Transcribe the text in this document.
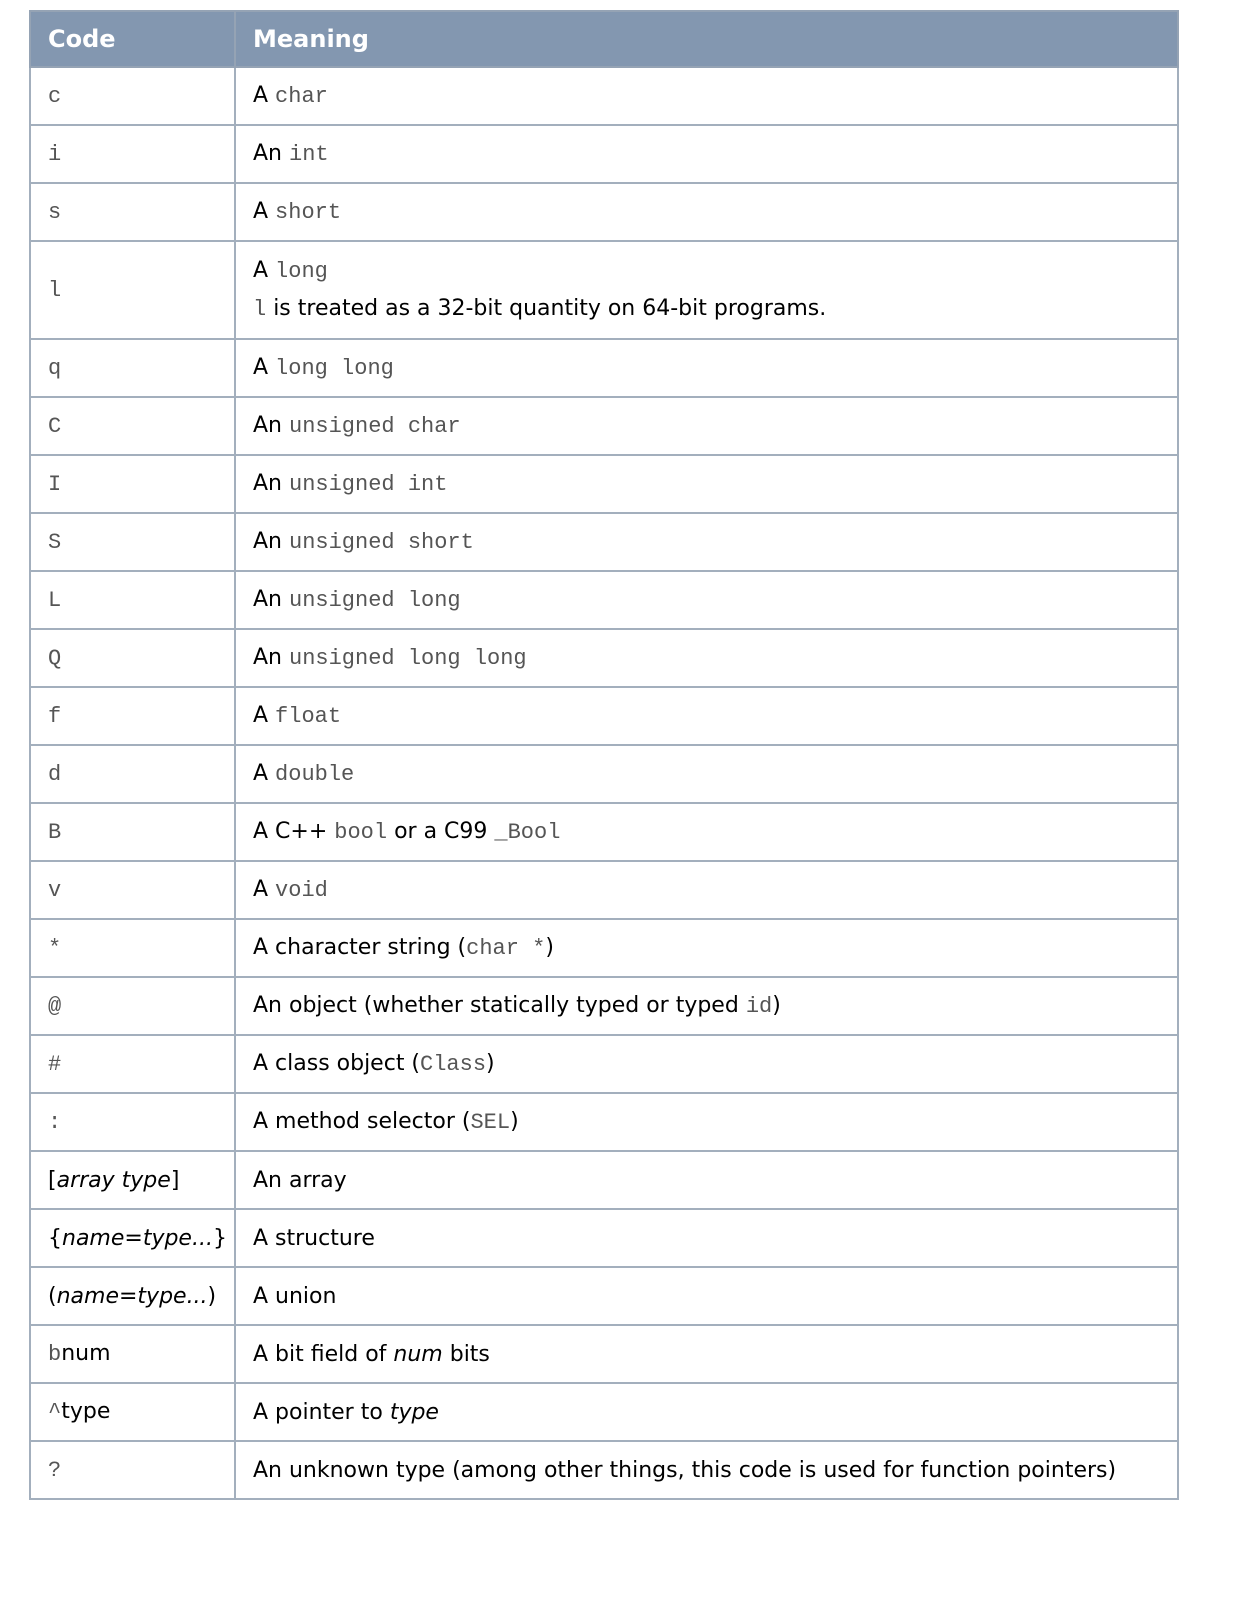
Code	Meaning
c	A char
i	An int
s	A short
l	A long
l is treated as a 32-bit quantity on 64-bit programs.

q	A long long
C	An unsigned char
I	An unsigned int
S	An unsigned short
L	An unsigned long
Q	An unsigned long long
f	A float
d	A double
B	A C++ bool or a C99 _Bool
v	A void
*	A character string (char *)
@	An object (whether statically typed or typed id)
#	A class object (Class)
:	A method selector (SEL)
[array type]	An array
{name=type...}	A structure
(name=type...)	A union
bnum	A bit field of num bits
^type	A pointer to type
?	An unknown type (among other things, this code is used for function pointers)
